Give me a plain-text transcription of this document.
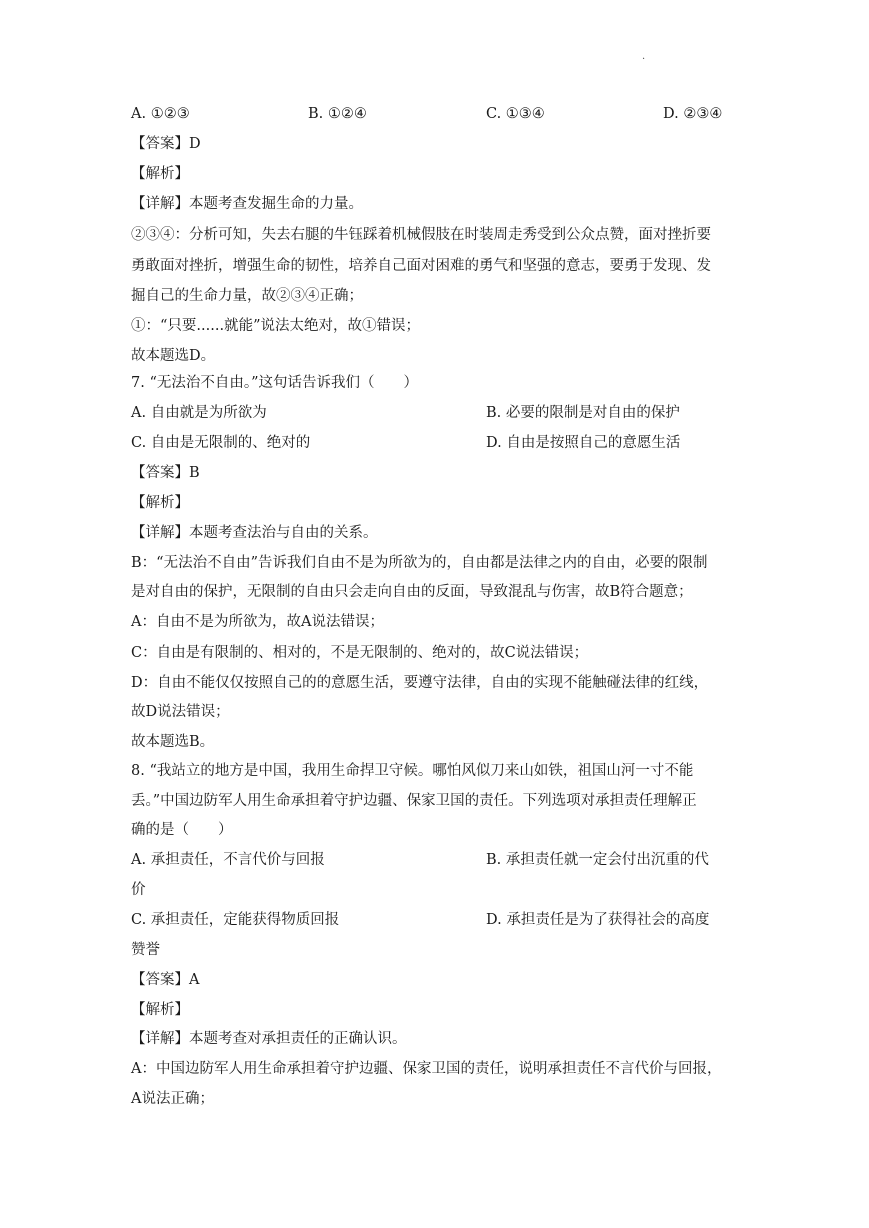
·
A. ①②③	B. ①②④	C. ①③④	D. ②③④
【答案】D
【解析】
【详解】本题考查发掘生命的力量。
②③④：分析可知，失去右腿的牛钰踩着机械假肢在时装周走秀受到公众点赞，面对挫折要
勇敢面对挫折，增强生命的韧性，培养自己面对困难的勇气和坚强的意志，要勇于发现、发
掘自己的生命力量，故②③④正确；
①：“只要......就能”说法太绝对，故①错误；
故本题选D。
7. “无法治不自由。”这句话告诉我们（　　）
A. 自由就是为所欲为	B. 必要的限制是对自由的保护
C. 自由是无限制的、绝对的	D. 自由是按照自己的意愿生活
【答案】B
【解析】
【详解】本题考查法治与自由的关系。
B：“无法治不自由”告诉我们自由不是为所欲为的，自由都是法律之内的自由，必要的限制
是对自由的保护，无限制的自由只会走向自由的反面，导致混乱与伤害，故B符合题意；
A：自由不是为所欲为，故A说法错误；
C：自由是有限制的、相对的，不是无限制的、绝对的，故C说法错误；
D：自由不能仅仅按照自己的的意愿生活，要遵守法律，自由的实现不能触碰法律的红线，
故D说法错误；
故本题选B。
8. “我站立的地方是中国，我用生命捍卫守候。哪怕风似刀来山如铁，祖国山河一寸不能
丢。”中国边防军人用生命承担着守护边疆、保家卫国的责任。下列选项对承担责任理解正
确的是（　　）
A. 承担责任，不言代价与回报	B. 承担责任就一定会付出沉重的代
价
C. 承担责任，定能获得物质回报	D. 承担责任是为了获得社会的高度
赞誉
【答案】A
【解析】
【详解】本题考查对承担责任的正确认识。
A：中国边防军人用生命承担着守护边疆、保家卫国的责任，说明承担责任不言代价与回报，
A说法正确；
